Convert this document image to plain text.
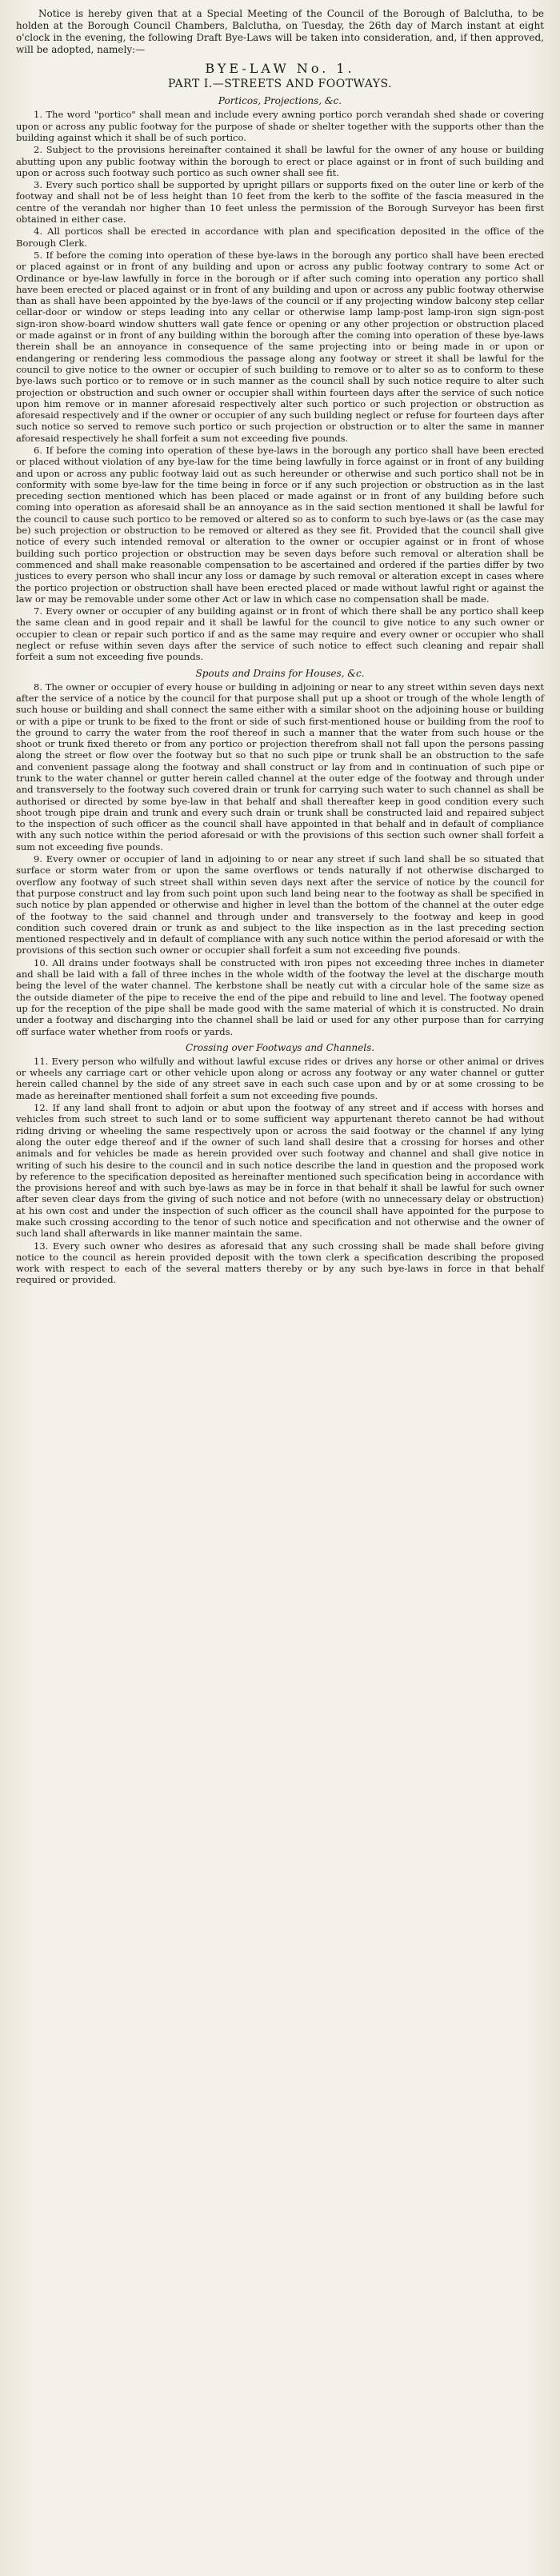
Notice is hereby given that at a Special Meeting of the Council of the Borough of Balclutha, to be holden at the Borough Council Chambers, Balclutha, on Tuesday, the 26th day of March instant at eight o'clock in the evening, the following Draft Bye-Laws will be taken into consideration, and, if then approved, will be adopted, namely:—

BYE-LAW No. 1.
PART I.—STREETS AND FOOTWAYS.
Porticos, Projections, &c.

1. The word "portico" shall mean and include every awning portico porch verandah shed shade or covering upon or across any public footway for the purpose of shade or shelter together with the supports other than the building against which it shall be of such portico.

2. Subject to the provisions hereinafter contained it shall be lawful for the owner of any house or building abutting upon any public footway within the borough to erect or place against or in front of such building and upon or across such footway such portico as such owner shall see fit.

3. Every such portico shall be supported by upright pillars or supports fixed on the outer line or kerb of the footway and shall not be of less height than 10 feet from the kerb to the soffite of the fascia measured in the centre of the verandah nor higher than 10 feet unless the permission of the Borough Surveyor has been first obtained in either case.

4. All porticos shall be erected in accordance with plan and specification deposited in the office of the Borough Clerk.

5. If before the coming into operation of these bye-laws in the borough any portico shall have been erected or placed against or in front of any building and upon or across any public footway contrary to some Act or Ordinance or bye-law lawfully in force in the borough or if after such coming into operation any portico shall have been erected or placed against or in front of any building and upon or across any public footway otherwise than as shall have been appointed by the bye-laws of the council or if any projecting window balcony step cellar cellar-door or window or steps leading into any cellar or otherwise lamp lamp-post lamp-iron sign sign-post sign-iron show-board window shutters wall gate fence or opening or any other projection or obstruction placed or made against or in front of any building within the borough after the coming into operation of these bye-laws therein shall be an annoyance in consequence of the same projecting into or being made in or upon or endangering or rendering less commodious the passage along any footway or street it shall be lawful for the council to give notice to the owner or occupier of such building to remove or to alter so as to conform to these bye-laws such portico or to remove or in such manner as the council shall by such notice require to alter such projection or obstruction and such owner or occupier shall within fourteen days after the service of such notice upon him remove or in manner aforesaid respectively alter such portico or such projection or obstruction as aforesaid respectively and if the owner or occupier of any such building neglect or refuse for fourteen days after such notice so served to remove such portico or such projection or obstruction or to alter the same in manner aforesaid respectively he shall forfeit a sum not exceeding five pounds.

6. If before the coming into operation of these bye-laws in the borough any portico shall have been erected or placed without violation of any bye-law for the time being lawfully in force against or in front of any building and upon or across any public footway laid out as such hereunder or otherwise and such portico shall not be in conformity with some bye-law for the time being in force or if any such projection or obstruction as in the last preceding section mentioned which has been placed or made against or in front of any building before such coming into operation as aforesaid shall be an annoyance as in the said section mentioned it shall be lawful for the council to cause such portico to be removed or altered so as to conform to such bye-laws or (as the case may be) such projection or obstruction to be removed or altered as they see fit. Provided that the council shall give notice of every such intended removal or alteration to the owner or occupier against or in front of whose building such portico projection or obstruction may be seven days before such removal or alteration shall be commenced and shall make reasonable compensation to be ascertained and ordered if the parties differ by two justices to every person who shall incur any loss or damage by such removal or alteration except in cases where the portico projection or obstruction shall have been erected placed or made without lawful right or against the law or may be removable under some other Act or law in which case no compensation shall be made.

7. Every owner or occupier of any building against or in front of which there shall be any portico shall keep the same clean and in good repair and it shall be lawful for the council to give notice to any such owner or occupier to clean or repair such portico if and as the same may require and every owner or occupier who shall neglect or refuse within seven days after the service of such notice to effect such cleaning and repair shall forfeit a sum not exceeding five pounds.

Spouts and Drains for Houses, &c.

8. The owner or occupier of every house or building in adjoining or near to any street within seven days next after the service of a notice by the council for that purpose shall put up a shoot or trough of the whole length of such house or building and shall connect the same either with a similar shoot on the adjoining house or building or with a pipe or trunk to be fixed to the front or side of such first-mentioned house or building from the roof to the ground to carry the water from the roof thereof in such a manner that the water from such house or the shoot or trunk fixed thereto or from any portico or projection therefrom shall not fall upon the persons passing along the street or flow over the footway but so that no such pipe or trunk shall be an obstruction to the safe and convenient passage along the footway and shall construct or lay from and in continuation of such pipe or trunk to the water channel or gutter herein called channel at the outer edge of the footway and through under and transversely to the footway such covered drain or trunk for carrying such water to such channel as shall be authorised or directed by some bye-law in that behalf and shall thereafter keep in good condition every such shoot trough pipe drain and trunk and every such drain or trunk shall be constructed laid and repaired subject to the inspection of such officer as the council shall have appointed in that behalf and in default of compliance with any such notice within the period aforesaid or with the provisions of this section such owner shall forfeit a sum not exceeding five pounds.

9. Every owner or occupier of land in adjoining to or near any street if such land shall be so situated that surface or storm water from or upon the same overflows or tends naturally if not otherwise discharged to overflow any footway of such street shall within seven days next after the service of notice by the council for that purpose construct and lay from such point upon such land being near to the footway as shall be specified in such notice by plan appended or otherwise and higher in level than the bottom of the channel at the outer edge of the footway to the said channel and through under and transversely to the footway and keep in good condition such covered drain or trunk as and subject to the like inspection as in the last preceding section mentioned respectively and in default of compliance with any such notice within the period aforesaid or with the provisions of this section such owner or occupier shall forfeit a sum not exceeding five pounds.

10. All drains under footways shall be constructed with iron pipes not exceeding three inches in diameter and shall be laid with a fall of three inches in the whole width of the footway the level at the discharge mouth being the level of the water channel. The kerbstone shall be neatly cut with a circular hole of the same size as the outside diameter of the pipe to receive the end of the pipe and rebuild to line and level. The footway opened up for the reception of the pipe shall be made good with the same material of which it is constructed. No drain under a footway and discharging into the channel shall be laid or used for any other purpose than for carrying off surface water whether from roofs or yards.

Crossing over Footways and Channels.

11. Every person who wilfully and without lawful excuse rides or drives any horse or other animal or drives or wheels any carriage cart or other vehicle upon along or across any footway or any water channel or gutter herein called channel by the side of any street save in each such case upon and by or at some crossing to be made as hereinafter mentioned shall forfeit a sum not exceeding five pounds.

12. If any land shall front to adjoin or abut upon the footway of any street and if access with horses and vehicles from such street to such land or to some sufficient way appurtenant thereto cannot be had without riding driving or wheeling the same respectively upon or across the said footway or the channel if any lying along the outer edge thereof and if the owner of such land shall desire that a crossing for horses and other animals and for vehicles be made as herein provided over such footway and channel and shall give notice in writing of such his desire to the council and in such notice describe the land in question and the proposed work by reference to the specification deposited as hereinafter mentioned such specification being in accordance with the provisions hereof and with such bye-laws as may be in force in that behalf it shall be lawful for such owner after seven clear days from the giving of such notice and not before (with no unnecessary delay or obstruction) at his own cost and under the inspection of such officer as the council shall have appointed for the purpose to make such crossing according to the tenor of such notice and specification and not otherwise and the owner of such land shall afterwards in like manner maintain the same.

13. Every such owner who desires as aforesaid that any such crossing shall be made shall before giving notice to the council as herein provided deposit with the town clerk a specification describing the proposed work with respect to each of the several matters thereby or by any such bye-laws in force in that behalf required or provided.
